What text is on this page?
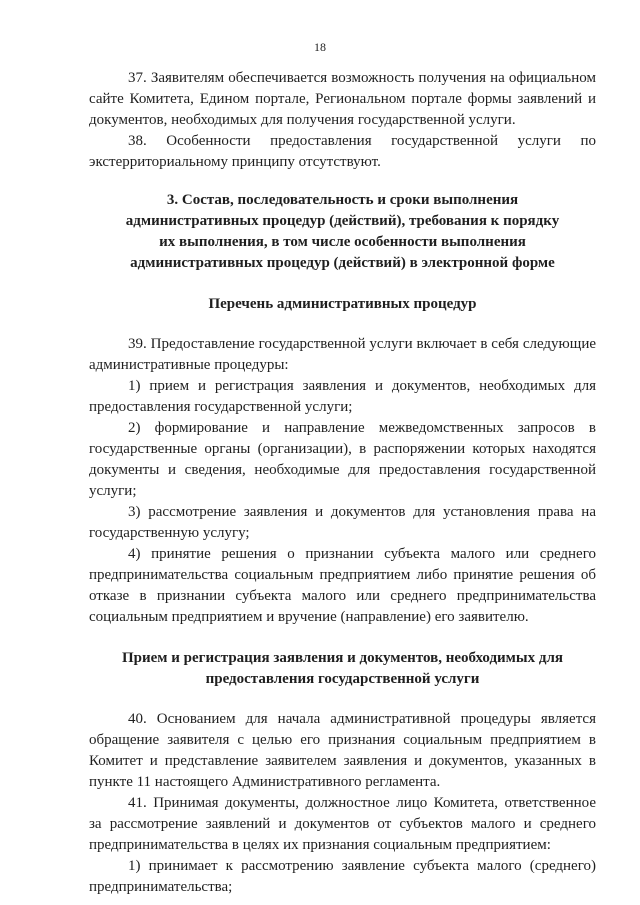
18

37. Заявителям обеспечивается возможность получения на официальном сайте Комитета, Едином портале, Региональном портале формы заявлений и документов, необходимых для получения государственной услуги.

38. Особенности предоставления государственной услуги по экстерриториальному принципу отсутствуют.

3. Состав, последовательность и сроки выполнения
административных процедур (действий), требования к порядку
их выполнения, в том числе особенности выполнения
административных процедур (действий) в электронной форме
Перечень административных процедур

39. Предоставление государственной услуги включает в себя следующие административные процедуры:

1) прием и регистрация заявления и документов, необходимых для предоставления государственной услуги;

2) формирование и направление межведомственных запросов в государственные органы (организации), в распоряжении которых находятся документы и сведения, необходимые для предоставления государственной услуги;

3) рассмотрение заявления и документов для установления права на государственную услугу;

4) принятие решения о признании субъекта малого или среднего предпринимательства социальным предприятием либо принятие решения об отказе в признании субъекта малого или среднего предпринимательства социальным предприятием и вручение (направление) его заявителю.

Прием и регистрация заявления и документов, необходимых для
предоставления государственной услуги

40. Основанием для начала административной процедуры является обращение заявителя с целью его признания социальным предприятием в Комитет и представление заявителем заявления и документов, указанных в пункте 11 настоящего Административного регламента.

41. Принимая документы, должностное лицо Комитета, ответственное за рассмотрение заявлений и документов от субъектов малого и среднего предпринимательства в целях их признания социальным предприятием:

1) принимает к рассмотрению заявление субъекта малого (среднего) предпринимательства;
